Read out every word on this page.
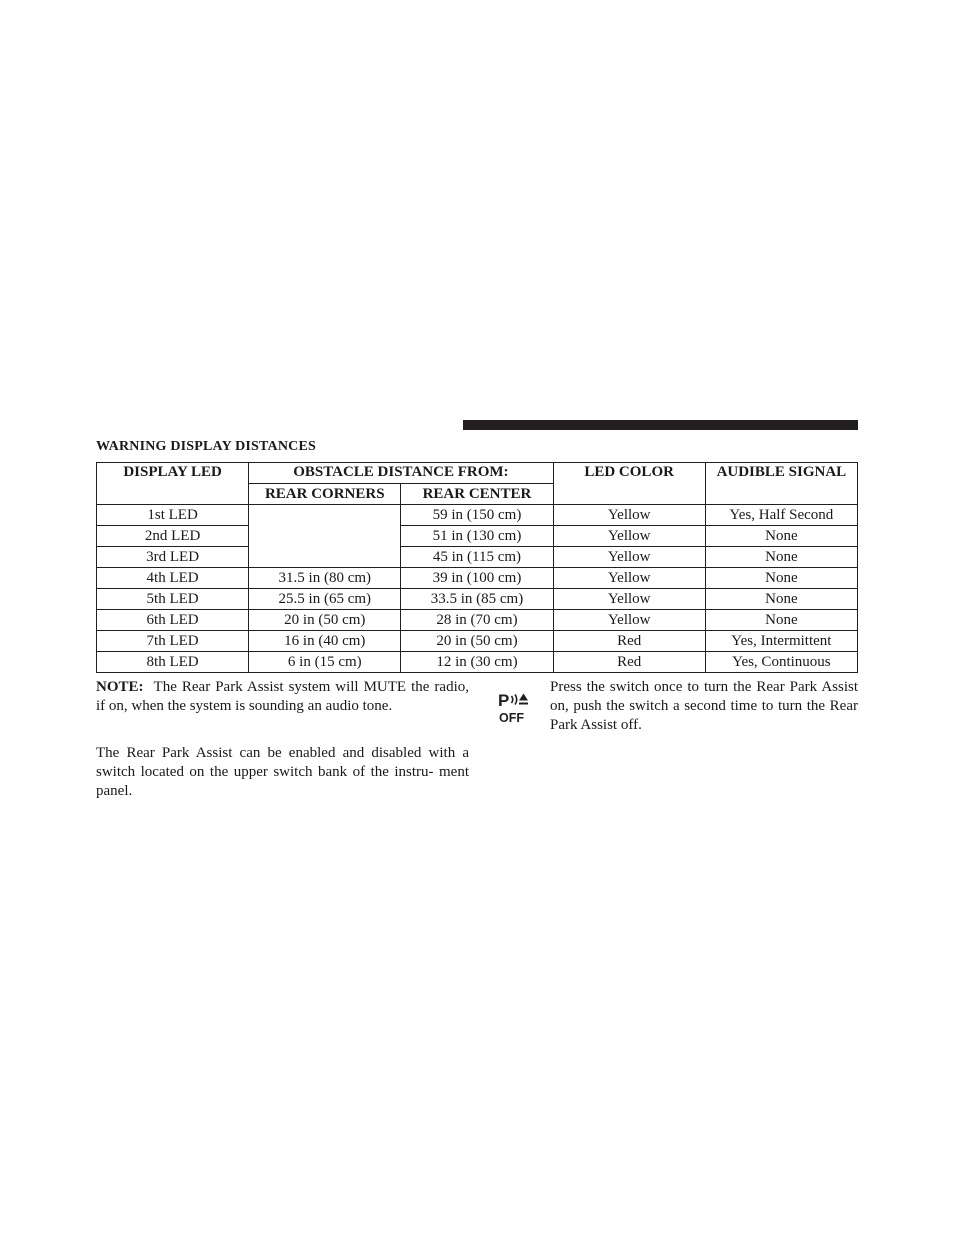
WARNING DISPLAY DISTANCES
DISPLAY LED	OBSTACLE DISTANCE FROM:		LED COLOR	AUDIBLE SIGNAL
	REAR CORNERS	REAR CENTER		
1st LED		59 in (150 cm)	Yellow	Yes, Half Second
2nd LED		51 in (130 cm)	Yellow	None
3rd LED		45 in (115 cm)	Yellow	None
4th LED	31.5 in (80 cm)	39 in (100 cm)	Yellow	None
5th LED	25.5 in (65 cm)	33.5 in (85 cm)	Yellow	None
6th LED	20 in (50 cm)	28 in (70 cm)	Yellow	None
7th LED	16 in (40 cm)	20 in (50 cm)	Red	Yes, Intermittent
8th LED	6 in (15 cm)	12 in (30 cm)	Red	Yes, Continuous
NOTE: The Rear Park Assist system will MUTE the radio, if on, when the system is sounding an audio tone.
The Rear Park Assist can be enabled and disabled with a switch located on the upper switch bank of the instru- ment panel.
P
OFF
Press the switch once to turn the Rear Park Assist on, push the switch a second time to turn the Rear Park Assist off.
